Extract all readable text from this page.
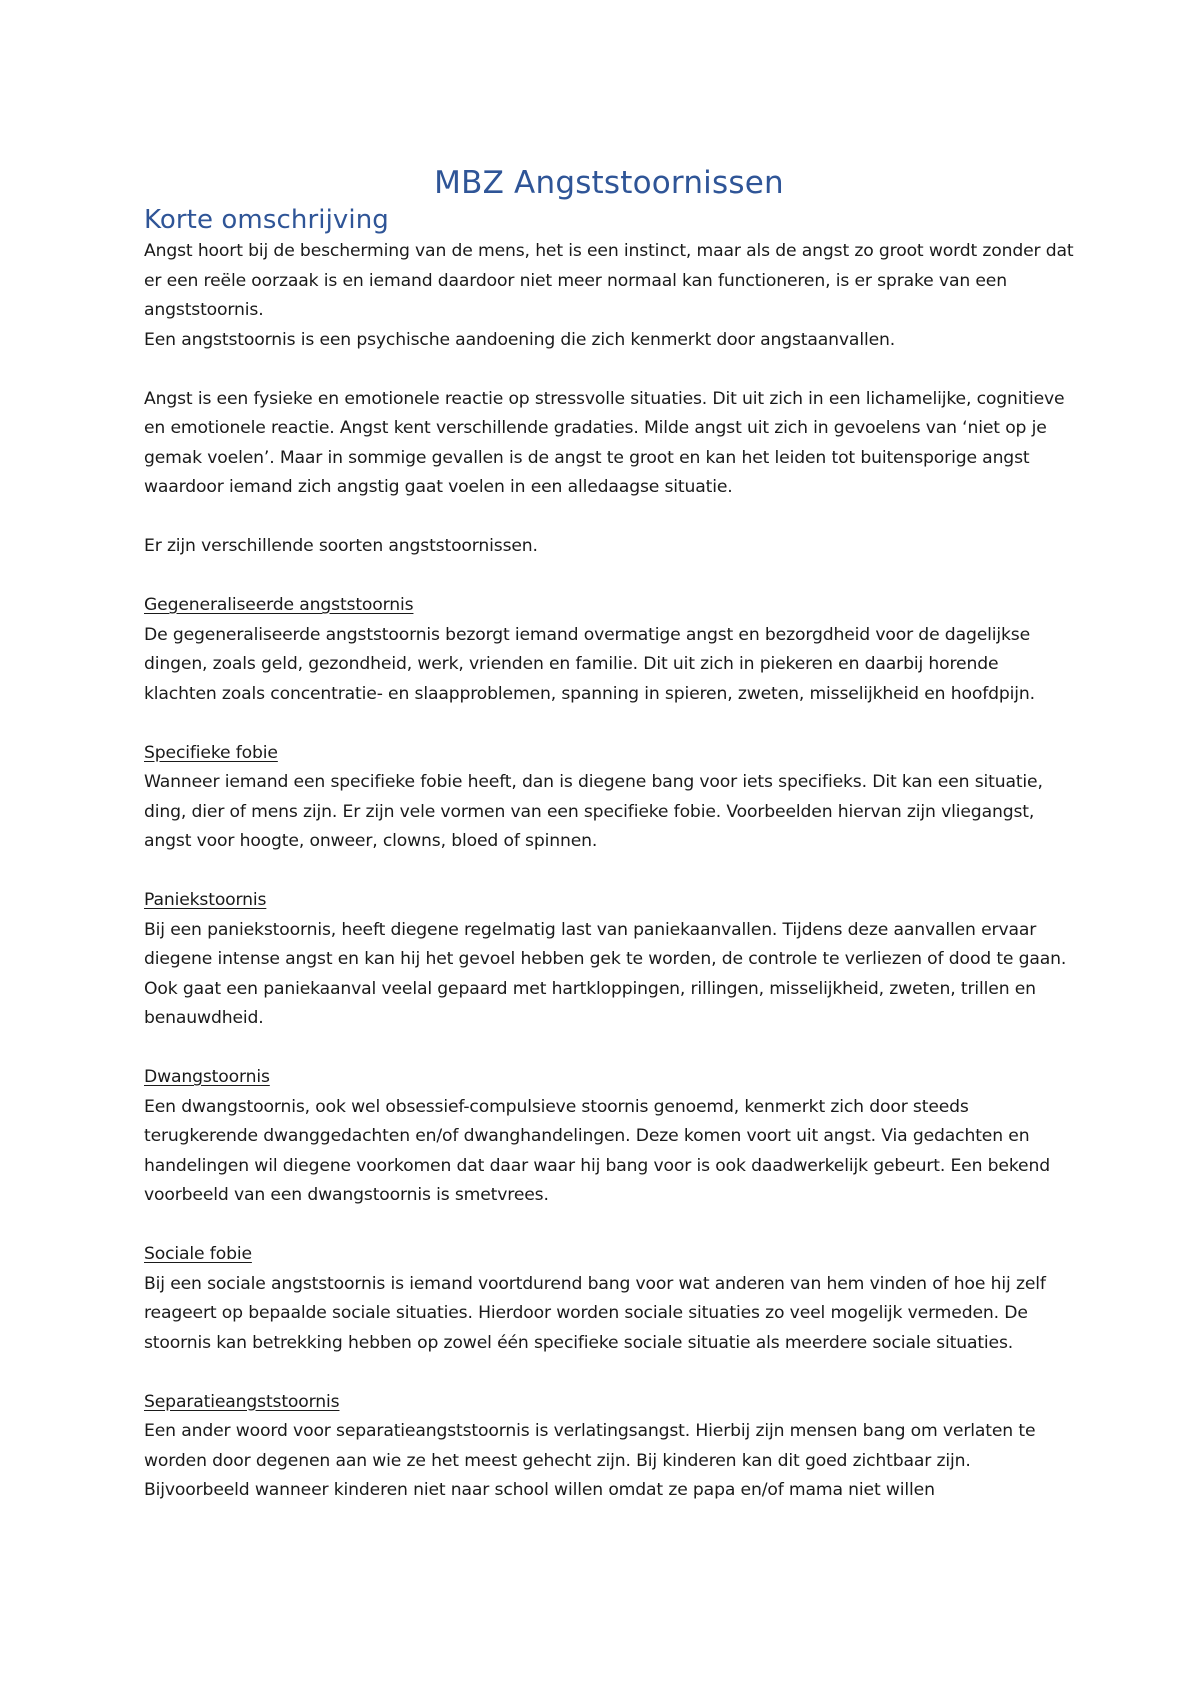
MBZ Angststoornissen
Korte omschrijving

Angst hoort bij de bescherming van de mens, het is een instinct, maar als de angst zo groot wordt zonder dat er een reële oorzaak is en iemand daardoor niet meer normaal kan functioneren, is er sprake van een angststoornis.

Een angststoornis is een psychische aandoening die zich kenmerkt door angstaanvallen.

Angst is een fysieke en emotionele reactie op stressvolle situaties. Dit uit zich in een lichamelijke, cognitieve en emotionele reactie. Angst kent verschillende gradaties. Milde angst uit zich in gevoelens van ‘niet op je gemak voelen’. Maar in sommige gevallen is de angst te groot en kan het leiden tot buitensporige angst waardoor iemand zich angstig gaat voelen in een alledaagse situatie.

Er zijn verschillende soorten angststoornissen.

Gegeneraliseerde angststoornis

De gegeneraliseerde angststoornis bezorgt iemand overmatige angst en bezorgdheid voor de dagelijkse dingen, zoals geld, gezondheid, werk, vrienden en familie. Dit uit zich in piekeren en daarbij horende klachten zoals concentratie- en slaapproblemen, spanning in spieren, zweten, misselijkheid en hoofdpijn.

Specifieke fobie

Wanneer iemand een specifieke fobie heeft, dan is diegene bang voor iets specifieks. Dit kan een situatie, ding, dier of mens zijn. Er zijn vele vormen van een specifieke fobie. Voorbeelden hiervan zijn vliegangst, angst voor hoogte, onweer, clowns, bloed of spinnen.

Paniekstoornis

Bij een paniekstoornis, heeft diegene regelmatig last van paniekaanvallen. Tijdens deze aanvallen ervaar diegene intense angst en kan hij het gevoel hebben gek te worden, de controle te verliezen of dood te gaan. Ook gaat een paniekaanval veelal gepaard met hartkloppingen, rillingen, misselijkheid, zweten, trillen en benauwdheid.

Dwangstoornis

Een dwangstoornis, ook wel obsessief-compulsieve stoornis genoemd, kenmerkt zich door steeds terugkerende dwanggedachten en/of dwanghandelingen. Deze komen voort uit angst. Via gedachten en handelingen wil diegene voorkomen dat daar waar hij bang voor is ook daadwerkelijk gebeurt. Een bekend voorbeeld van een dwangstoornis is smetvrees.

Sociale fobie

Bij een sociale angststoornis is iemand voortdurend bang voor wat anderen van hem vinden of hoe hij zelf reageert op bepaalde sociale situaties. Hierdoor worden sociale situaties zo veel mogelijk vermeden. De stoornis kan betrekking hebben op zowel één specifieke sociale situatie als meerdere sociale situaties.

Separatieangststoornis

Een ander woord voor separatieangststoornis is verlatingsangst. Hierbij zijn mensen bang om verlaten te worden door degenen aan wie ze het meest gehecht zijn. Bij kinderen kan dit goed zichtbaar zijn. Bijvoorbeeld wanneer kinderen niet naar school willen omdat ze papa en/of mama niet willen
